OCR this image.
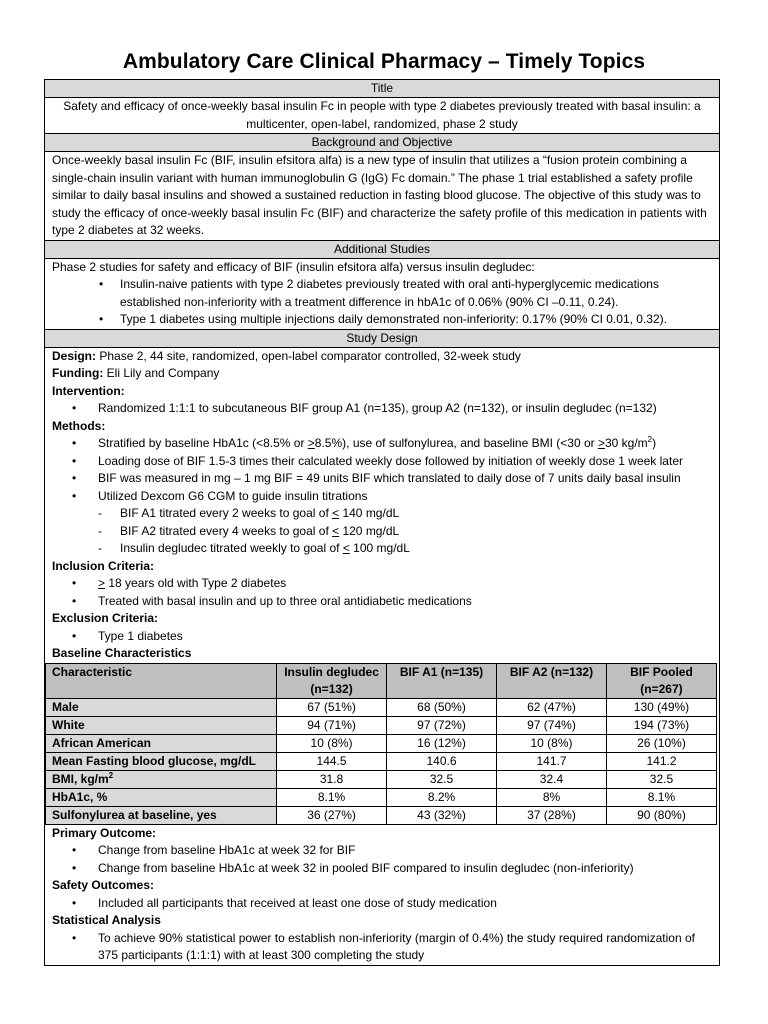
Ambulatory Care Clinical Pharmacy – Timely Topics
Title
Safety and efficacy of once-weekly basal insulin Fc in people with type 2 diabetes previously treated with basal insulin: a multicenter, open-label, randomized, phase 2 study
Background and Objective
Once-weekly basal insulin Fc (BIF, insulin efsitora alfa) is a new type of insulin that utilizes a “fusion protein combining a single-chain insulin variant with human immunoglobulin G (IgG) Fc domain.” The phase 1 trial established a safety profile similar to daily basal insulins and showed a sustained reduction in fasting blood glucose. The objective of this study was to study the efficacy of once-weekly basal insulin Fc (BIF) and characterize the safety profile of this medication in patients with type 2 diabetes at 32 weeks.
Additional Studies
Phase 2 studies for safety and efficacy of BIF (insulin efsitora alfa) versus insulin degludec:
• Insulin-naive patients with type 2 diabetes previously treated with oral anti-hyperglycemic medications established non-inferiority with a treatment difference in hbA1c of 0.06% (90% CI –0.11, 0.24).
• Type 1 diabetes using multiple injections daily demonstrated non-inferiority: 0.17% (90% CI 0.01, 0.32).
Study Design
Design: Phase 2, 44 site, randomized, open-label comparator controlled, 32-week study
Funding: Eli Lily and Company
Intervention:
• Randomized 1:1:1 to subcutaneous BIF group A1 (n=135), group A2 (n=132), or insulin degludec (n=132)
Methods:
• Stratified by baseline HbA1c (<8.5% or >8.5%), use of sulfonylurea, and baseline BMI (<30 or >30 $kg/m^2$)
• Loading dose of BIF 1.5-3 times their calculated weekly dose followed by initiation of weekly dose 1 week later
• BIF was measured in mg – 1 mg BIF = 49 units BIF which translated to daily dose of 7 units daily basal insulin
• Utilized Dexcom G6 CGM to guide insulin titrations
- BIF A1 titrated every 2 weeks to goal of < 140 mg/dL
- BIF A2 titrated every 4 weeks to goal of < 120 mg/dL
- Insulin degludec titrated weekly to goal of < 100 mg/dL
Inclusion Criteria:
• > 18 years old with Type 2 diabetes
• Treated with basal insulin and up to three oral antidiabetic medications
Exclusion Criteria:
• Type 1 diabetes
Baseline Characteristics
Characteristic	Insulin degludec (n=132)	BIF A1 (n=135)	BIF A2 (n=132)	BIF Pooled (n=267)
Male	67 (51%)	68 (50%)	62 (47%)	130 (49%)
White	94 (71%)	97 (72%)	97 (74%)	194 (73%)
African American	10 (8%)	16 (12%)	10 (8%)	26 (10%)
Mean Fasting blood glucose, mg/dL	144.5	140.6	141.7	141.2
BMI, $kg/m^2$	31.8	32.5	32.4	32.5
HbA1c, %	8.1%	8.2%	8%	8.1%
Sulfonylurea at baseline, yes	36 (27%)	43 (32%)	37 (28%)	90 (80%)
Primary Outcome:
• Change from baseline HbA1c at week 32 for BIF
• Change from baseline HbA1c at week 32 in pooled BIF compared to insulin degludec (non-inferiority)
Safety Outcomes:
• Included all participants that received at least one dose of study medication
Statistical Analysis
• To achieve 90% statistical power to establish non-inferiority (margin of 0.4%) the study required randomization of 375 participants (1:1:1) with at least 300 completing the study
